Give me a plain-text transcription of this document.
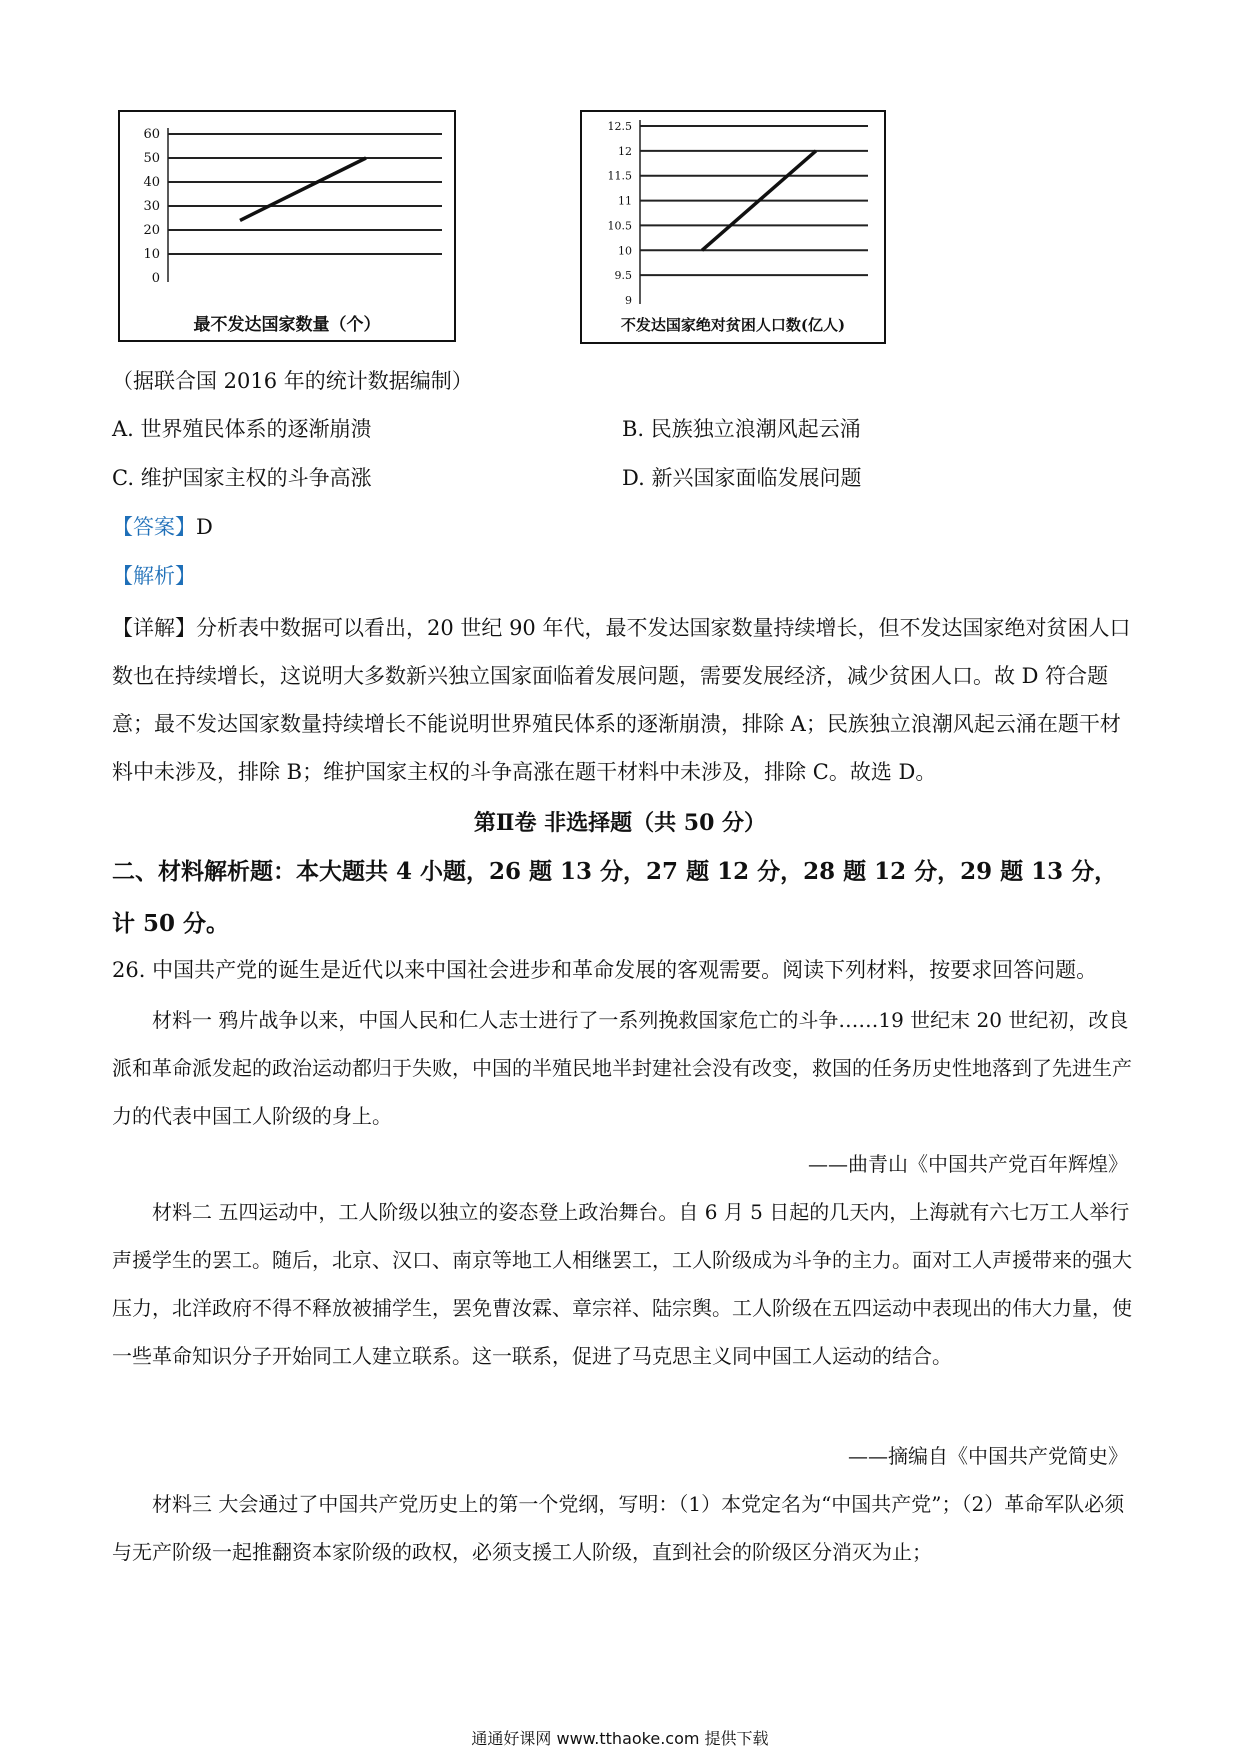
60
50
40
30
20
10
0
最不发达国家数量（个）
12.5
12
11.5
11
10.5
10
9.5
9
不发达国家绝对贫困人口数(亿人)
（据联合国 2016 年的统计数据编制）
A. 世界殖民体系的逐渐崩溃	B. 民族独立浪潮风起云涌
C. 维护国家主权的斗争高涨	D. 新兴国家面临发展问题
【答案】D
【解析】
【详解】分析表中数据可以看出，20 世纪 90 年代，最不发达国家数量持续增长，但不发达国家绝对贫困人口数也在持续增长，这说明大多数新兴独立国家面临着发展问题，需要发展经济，减少贫困人口。故 D 符合题意；最不发达国家数量持续增长不能说明世界殖民体系的逐渐崩溃，排除 A；民族独立浪潮风起云涌在题干材料中未涉及，排除 B；维护国家主权的斗争高涨在题干材料中未涉及，排除 C。故选 D。
第Ⅱ卷 非选择题（共 50 分）
二、材料解析题：本大题共 4 小题，26 题 13 分，27 题 12 分，28 题 12 分，29 题 13 分，计 50 分。
26. 中国共产党的诞生是近代以来中国社会进步和革命发展的客观需要。阅读下列材料，按要求回答问题。
材料一 鸦片战争以来，中国人民和仁人志士进行了一系列挽救国家危亡的斗争……19 世纪末 20 世纪初，改良派和革命派发起的政治运动都归于失败，中国的半殖民地半封建社会没有改变，救国的任务历史性地落到了先进生产力的代表中国工人阶级的身上。
——曲青山《中国共产党百年辉煌》
材料二 五四运动中，工人阶级以独立的姿态登上政治舞台。自 6 月 5 日起的几天内，上海就有六七万工人举行声援学生的罢工。随后，北京、汉口、南京等地工人相继罢工，工人阶级成为斗争的主力。面对工人声援带来的强大压力，北洋政府不得不释放被捕学生，罢免曹汝霖、章宗祥、陆宗舆。工人阶级在五四运动中表现出的伟大力量，使一些革命知识分子开始同工人建立联系。这一联系，促进了马克思主义同中国工人运动的结合。
——摘编自《中国共产党简史》
材料三 大会通过了中国共产党历史上的第一个党纲，写明：（1）本党定名为“中国共产党”；（2）革命军队必须与无产阶级一起推翻资本家阶级的政权，必须支援工人阶级，直到社会的阶级区分消灭为止；
通通好课网 www.tthaoke.com 提供下载
